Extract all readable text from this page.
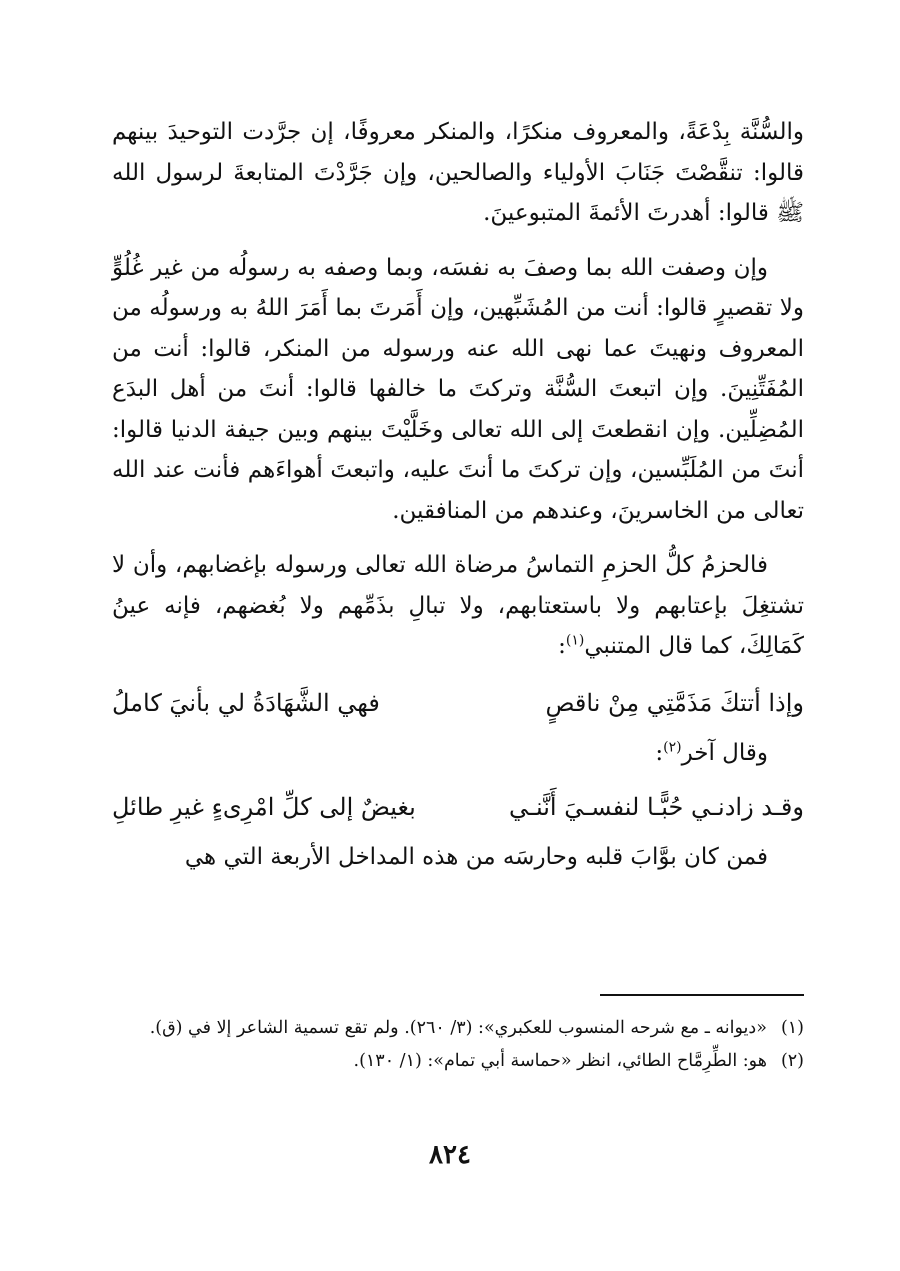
والسُّنَّة بِدْعَةً، والمعروف منكرًا، والمنكر معروفًا، إن جرَّدت التوحيدَ بينهم قالوا: تنقَّصْتَ جَنَابَ الأولياء والصالحين، وإن جَرَّدْتَ المتابعةَ لرسول الله ﷺ قالوا: أهدرتَ الأئمةَ المتبوعينَ.

وإن وصفت الله بما وصفَ به نفسَه، وبما وصفه به رسولُه من غير غُلُوٍّ ولا تقصيرٍ قالوا: أنت من المُشَبِّهين، وإن أَمَرتَ بما أَمَرَ اللهُ به ورسولُه من المعروف ونهيتَ عما نهى الله عنه ورسوله من المنكر، قالوا: أنت من المُفَتِّنِينَ. وإن اتبعتَ السُّنَّة وتركتَ ما خالفها قالوا: أنتَ من أهل البدَع المُضِلِّين. وإن انقطعتَ إلى الله تعالى وخَلَّيْتَ بينهم وبين جيفة الدنيا قالوا: أنتَ من المُلَبِّسين، وإن تركتَ ما أنتَ عليه، واتبعتَ أهواءَهم فأنت عند الله تعالى من الخاسرينَ، وعندهم من المنافقين.

فالحزمُ كلُّ الحزمِ التماسُ مرضاة الله تعالى ورسوله بإغضابهم، وأن لا تشتغِلَ بإعتابهم ولا باستعتابهم، ولا تبالِ بذَمِّهم ولا بُغضهم، فإنه عينُ كَمَالِكَ، كما قال المتنبي$^{(١)}$:

وإذا أتتكَ مَذَمَّتِي مِنْ ناقصٍ
فهي الشَّهَادَةُ لي بأنيَ كاملُ

وقال آخر$^{(٢)}$:

وقـد زادنـي حُبًّـا لنفسـيَ أَنَّنـي
بغيضٌ إلى كلِّ امْرِىءٍ غيرِ طائلِ

فمن كان بوَّابَ قلبه وحارسَه من هذه المداخل الأربعة التي هي

(١)
«ديوانه ـ مع شرحه المنسوب للعكبري»: (٣/ ٢٦٠). ولم تقع تسمية الشاعر إلا في (ق).
(٢)
هو: الطِّرِمَّاح الطائي، انظر «حماسة أبي تمام»: (١/ ١٣٠).
٨٢٤
